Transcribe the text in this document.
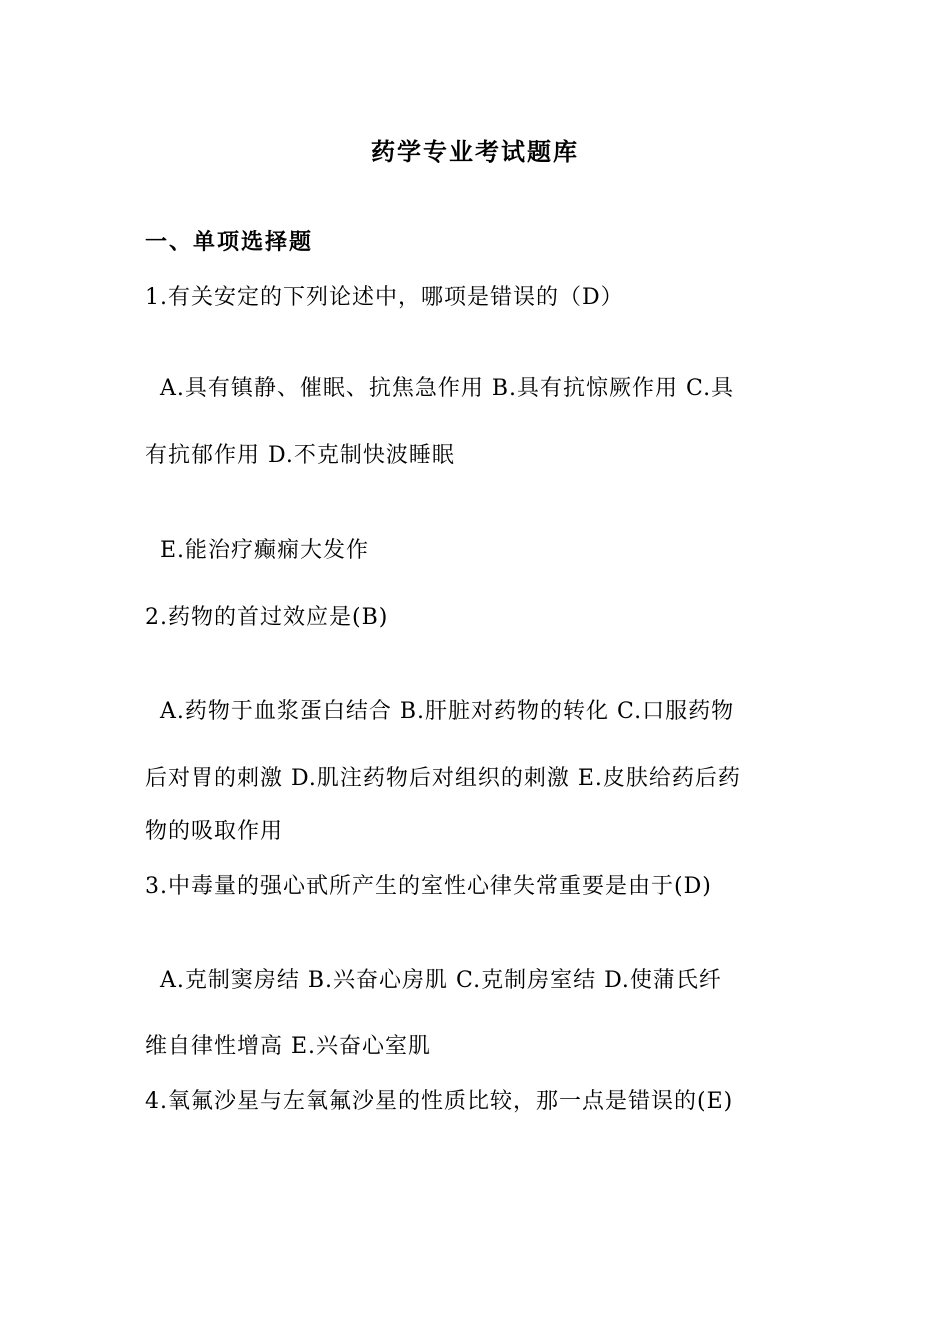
药学专业考试题库
一、单项选择题
1.有关安定的下列论述中，哪项是错误的（D）
A.具有镇静、催眠、抗焦急作用 B.具有抗惊厥作用 C.具
有抗郁作用 D.不克制快波睡眠
E.能治疗癫痫大发作
2.药物的首过效应是(B)
A.药物于血浆蛋白结合 B.肝脏对药物的转化 C.口服药物
后对胃的刺激 D.肌注药物后对组织的刺激 E.皮肤给药后药
物的吸取作用
3.中毒量的强心甙所产生的室性心律失常重要是由于(D)
A.克制窦房结 B.兴奋心房肌 C.克制房室结 D.使蒲氏纤
维自律性增高 E.兴奋心室肌
4.氧氟沙星与左氧氟沙星的性质比较，那一点是错误的(E)
